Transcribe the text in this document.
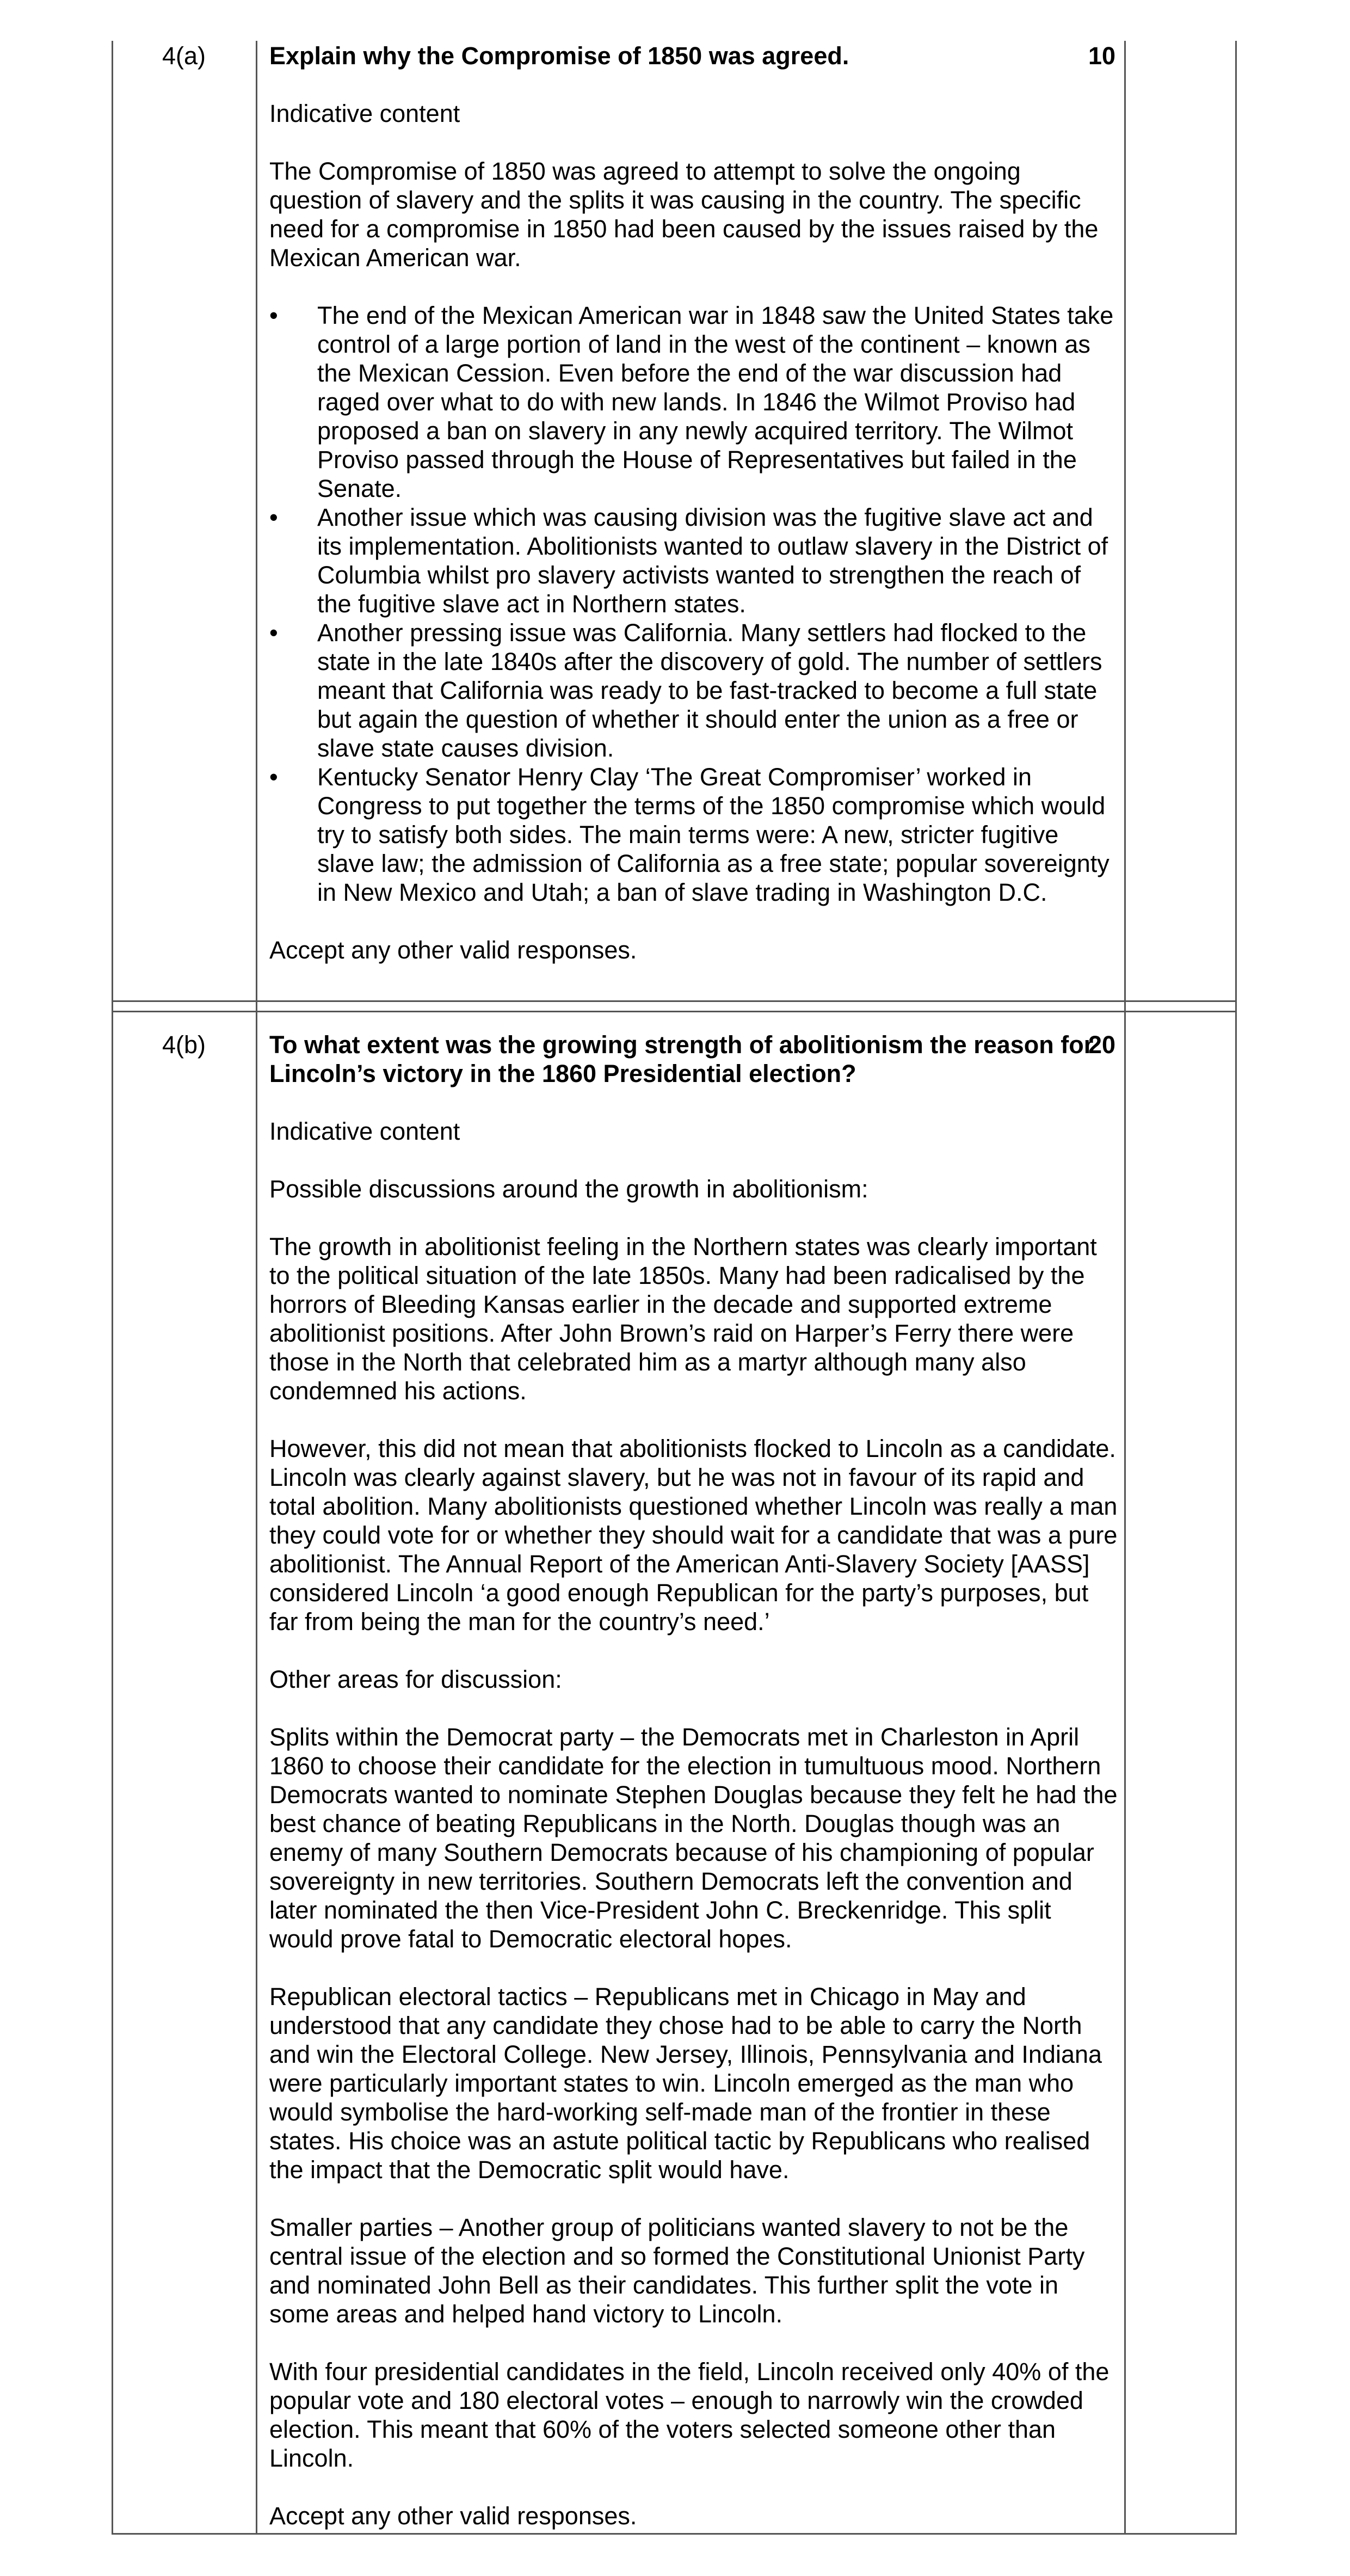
4(a)	10

Explain why the Compromise of 1850 was agreed.

Indicative content

The Compromise of 1850 was agreed to attempt to solve the ongoing question of slavery and the splits it was causing in the country. The specific need for a compromise in 1850 had been caused by the issues raised by the Mexican American war.

• The end of the Mexican American war in 1848 saw the United States take control of a large portion of land in the west of the continent – known as the Mexican Cession. Even before the end of the war discussion had raged over what to do with new lands. In 1846 the Wilmot Proviso had proposed a ban on slavery in any newly acquired territory. The Wilmot Proviso passed through the House of Representatives but failed in the Senate.
• Another issue which was causing division was the fugitive slave act and its implementation. Abolitionists wanted to outlaw slavery in the District of Columbia whilst pro slavery activists wanted to strengthen the reach of the fugitive slave act in Northern states.
• Another pressing issue was California. Many settlers had flocked to the state in the late 1840s after the discovery of gold. The number of settlers meant that California was ready to be fast-tracked to become a full state but again the question of whether it should enter the union as a free or slave state causes division.
• Kentucky Senator Henry Clay ‘The Great Compromiser’ worked in Congress to put together the terms of the 1850 compromise which would try to satisfy both sides. The main terms were: A new, stricter fugitive slave law; the admission of California as a free state; popular sovereignty in New Mexico and Utah; a ban of slave trading in Washington D.C.

Accept any other valid responses.

4(b)	20

To what extent was the growing strength of abolitionism the reason for Lincoln’s victory in the 1860 Presidential election?

Indicative content

Possible discussions around the growth in abolitionism:

The growth in abolitionist feeling in the Northern states was clearly important to the political situation of the late 1850s. Many had been radicalised by the horrors of Bleeding Kansas earlier in the decade and supported extreme abolitionist positions. After John Brown’s raid on Harper’s Ferry there were those in the North that celebrated him as a martyr although many also condemned his actions.

However, this did not mean that abolitionists flocked to Lincoln as a candidate. Lincoln was clearly against slavery, but he was not in favour of its rapid and total abolition. Many abolitionists questioned whether Lincoln was really a man they could vote for or whether they should wait for a candidate that was a pure abolitionist. The Annual Report of the American Anti-Slavery Society [AASS] considered Lincoln ‘a good enough Republican for the party’s purposes, but far from being the man for the country’s need.’

Other areas for discussion:

Splits within the Democrat party – the Democrats met in Charleston in April 1860 to choose their candidate for the election in tumultuous mood. Northern Democrats wanted to nominate Stephen Douglas because they felt he had the best chance of beating Republicans in the North. Douglas though was an enemy of many Southern Democrats because of his championing of popular sovereignty in new territories. Southern Democrats left the convention and later nominated the then Vice-President John C. Breckenridge. This split would prove fatal to Democratic electoral hopes.

Republican electoral tactics – Republicans met in Chicago in May and understood that any candidate they chose had to be able to carry the North and win the Electoral College. New Jersey, Illinois, Pennsylvania and Indiana were particularly important states to win. Lincoln emerged as the man who would symbolise the hard-working self-made man of the frontier in these states. His choice was an astute political tactic by Republicans who realised the impact that the Democratic split would have.

Smaller parties – Another group of politicians wanted slavery to not be the central issue of the election and so formed the Constitutional Unionist Party and nominated John Bell as their candidates. This further split the vote in some areas and helped hand victory to Lincoln.

With four presidential candidates in the field, Lincoln received only 40% of the popular vote and 180 electoral votes – enough to narrowly win the crowded election. This meant that 60% of the voters selected someone other than Lincoln.

Accept any other valid responses.
